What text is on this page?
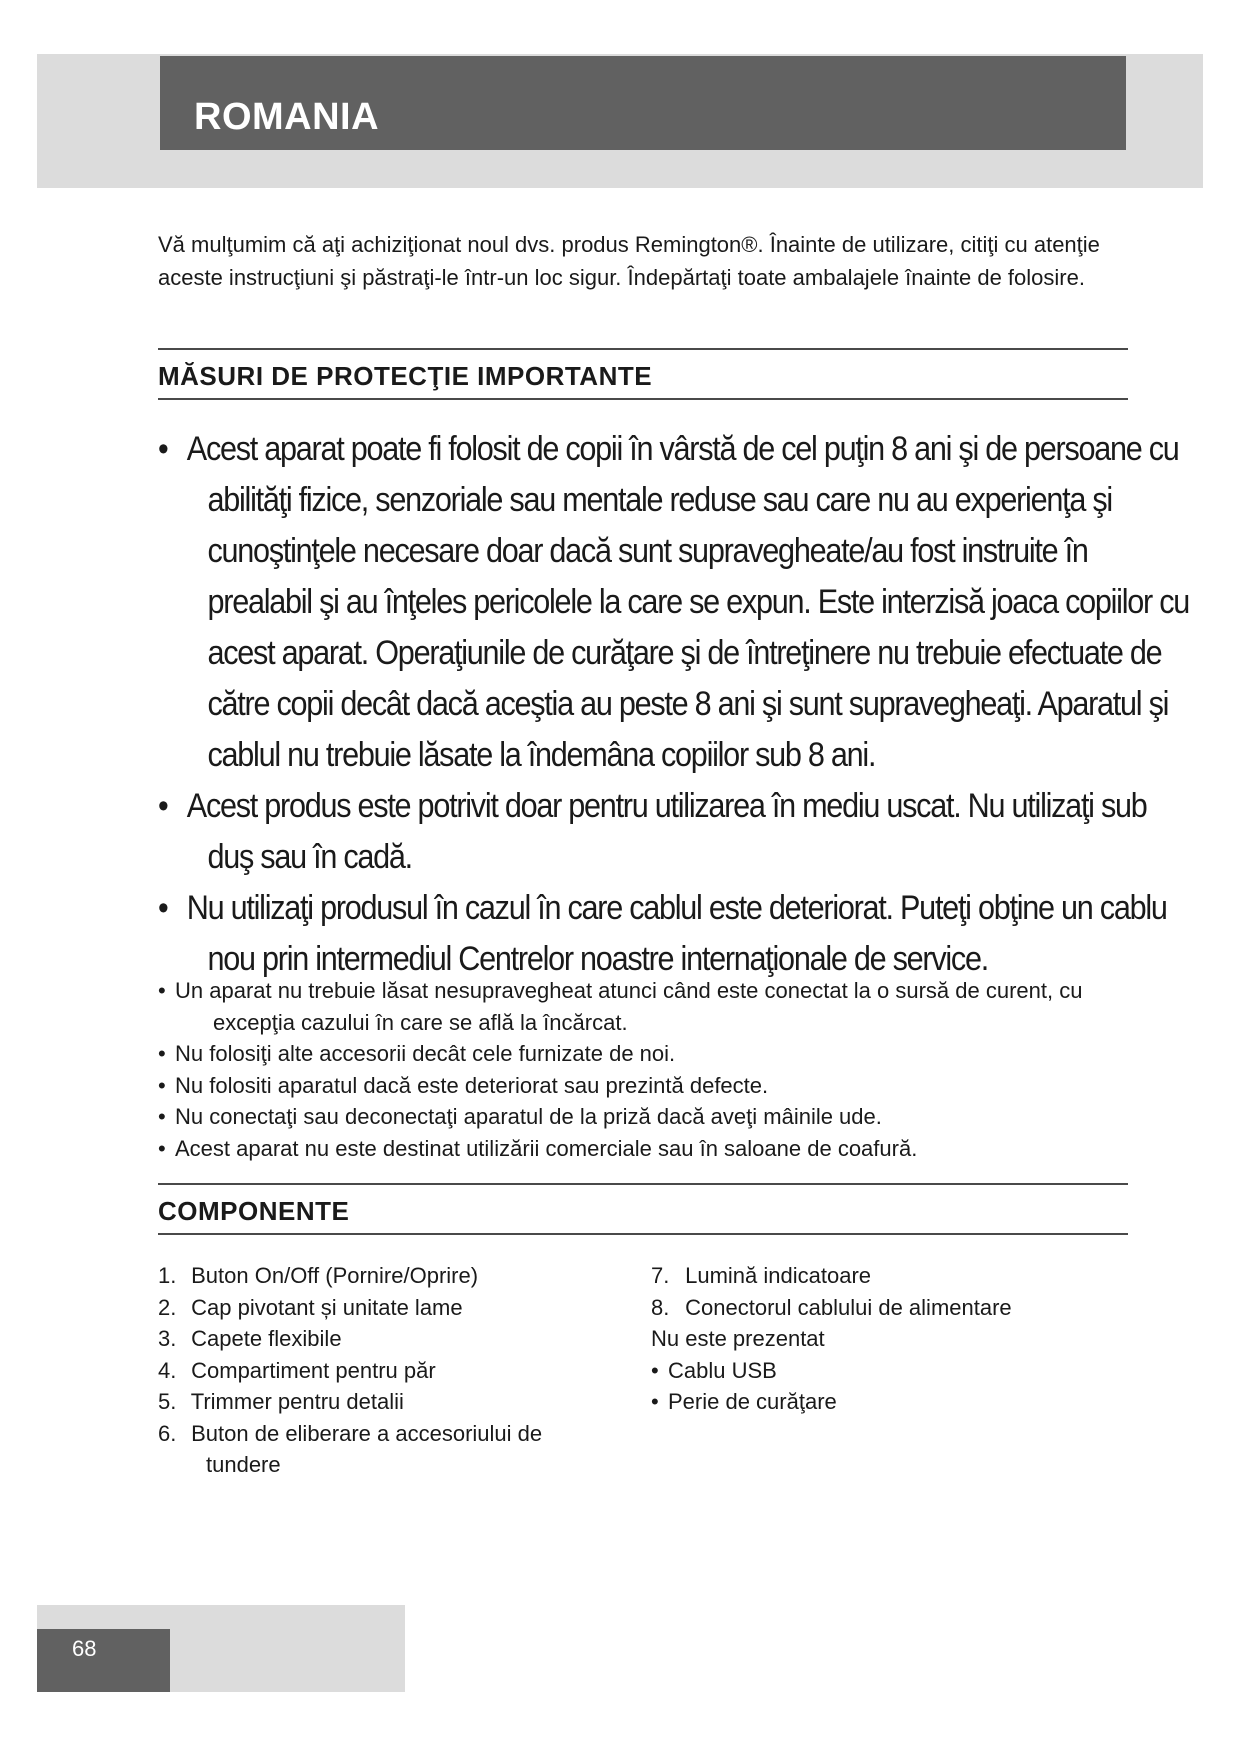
ROMANIA

Vă mulţumim că aţi achiziţionat noul dvs. produs Remington®. Înainte de utilizare, citiţi cu atenţie aceste instrucţiuni şi păstraţi-le într-un loc sigur. Îndepărtaţi toate ambalajele înainte de folosire.

MĂSURI DE PROTECŢIE IMPORTANTE
• Acest aparat poate fi folosit de copii în vârstă de cel puţin 8 ani şi de persoane cu abilităţi fizice, senzoriale sau mentale reduse sau care nu au experienţa şi cunoştinţele necesare doar dacă sunt supravegheate/au fost instruite în prealabil şi au înţeles pericolele la care se expun. Este interzisă joaca copiilor cu acest aparat. Operaţiunile de curăţare şi de întreţinere nu trebuie efectuate de către copii decât dacă aceştia au peste 8 ani şi sunt supravegheaţi. Aparatul şi cablul nu trebuie lăsate la îndemâna copiilor sub 8 ani.
• Acest produs este potrivit doar pentru utilizarea în mediu uscat. Nu utilizaţi sub duş sau în cadă.
• Nu utilizaţi produsul în cazul în care cablul este deteriorat. Puteţi obţine un cablu nou prin intermediul Centrelor noastre internaţionale de service.
• Un aparat nu trebuie lăsat nesupravegheat atunci când este conectat la o sursă de curent, cu excepţia cazului în care se află la încărcat.
• Nu folosiţi alte accesorii decât cele furnizate de noi.
• Nu folositi aparatul dacă este deteriorat sau prezintă defecte.
• Nu conectaţi sau deconectaţi aparatul de la priză dacă aveţi mâinile ude.
• Acest aparat nu este destinat utilizării comerciale sau în saloane de coafură.
COMPONENTE
1. Buton On/Off (Pornire/Oprire)
2. Cap pivotant și unitate lame
3. Capete flexibile
4. Compartiment pentru păr
5. Trimmer pentru detalii
6. Buton de eliberare a accesoriului de tundere
7. Lumină indicatoare
8. Conectorul cablului de alimentare
Nu este prezentat
• Cablu USB
• Perie de curăţare
68
